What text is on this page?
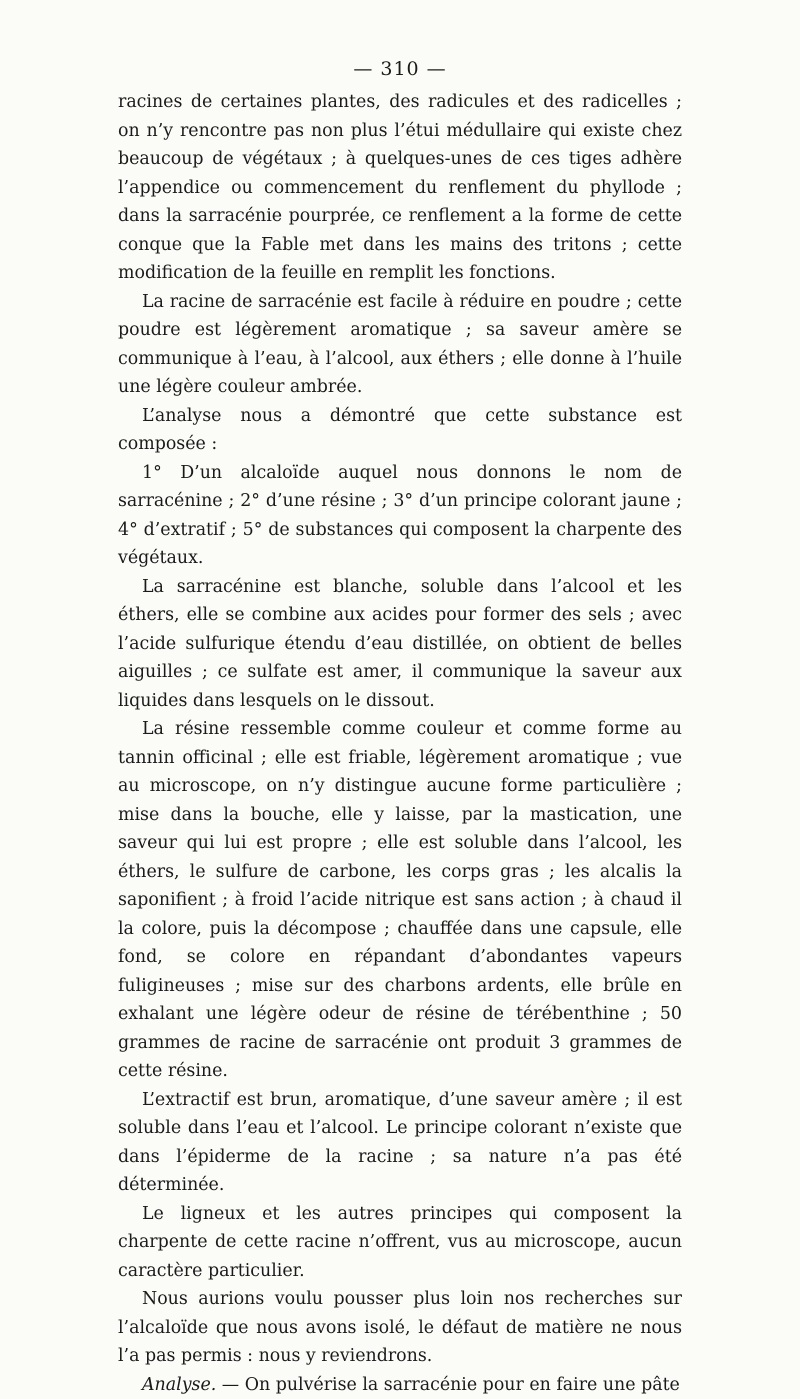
— 310 —

racines de certaines plantes, des radicules et des radicelles ; on n’y rencontre pas non plus l’étui médullaire qui existe chez beaucoup de végétaux ; à quelques-unes de ces tiges adhère l’appendice ou commencement du renflement du phyllode ; dans la sarracénie pourprée, ce renflement a la forme de cette conque que la Fable met dans les mains des tritons ; cette modification de la feuille en remplit les fonctions.

La racine de sarracénie est facile à réduire en poudre ; cette poudre est légèrement aromatique ; sa saveur amère se communique à l’eau, à l’alcool, aux éthers ; elle donne à l’huile une légère couleur ambrée.

L’analyse nous a démontré que cette substance est composée :

1° D’un alcaloïde auquel nous donnons le nom de sarracénine ; 2° d’une résine ; 3° d’un principe colorant jaune ; 4° d’extratif ; 5° de substances qui composent la charpente des végétaux.

La sarracénine est blanche, soluble dans l’alcool et les éthers, elle se combine aux acides pour former des sels ; avec l’acide sulfurique étendu d’eau distillée, on obtient de belles aiguilles ; ce sulfate est amer, il communique la saveur aux liquides dans lesquels on le dissout.

La résine ressemble comme couleur et comme forme au tannin officinal ; elle est friable, légèrement aromatique ; vue au microscope, on n’y distingue aucune forme particulière ; mise dans la bouche, elle y laisse, par la mastication, une saveur qui lui est propre ; elle est soluble dans l’alcool, les éthers, le sulfure de carbone, les corps gras ; les alcalis la saponifient ; à froid l’acide nitrique est sans action ; à chaud il la colore, puis la décompose ; chauffée dans une capsule, elle fond, se colore en répandant d’abondantes vapeurs fuligineuses ; mise sur des charbons ardents, elle brûle en exhalant une légère odeur de résine de térébenthine ; 50 grammes de racine de sarracénie ont produit 3 grammes de cette résine.

L’extractif est brun, aromatique, d’une saveur amère ; il est soluble dans l’eau et l’alcool. Le principe colorant n’existe que dans l’épiderme de la racine ; sa nature n’a pas été déterminée.

Le ligneux et les autres principes qui composent la charpente de cette racine n’offrent, vus au microscope, aucun caractère particulier.

Nous aurions voulu pousser plus loin nos recherches sur l’alcaloïde que nous avons isolé, le défaut de matière ne nous l’a pas permis : nous y reviendrons.

Analyse. — On pulvérise la sarracénie pour en faire une pâte
